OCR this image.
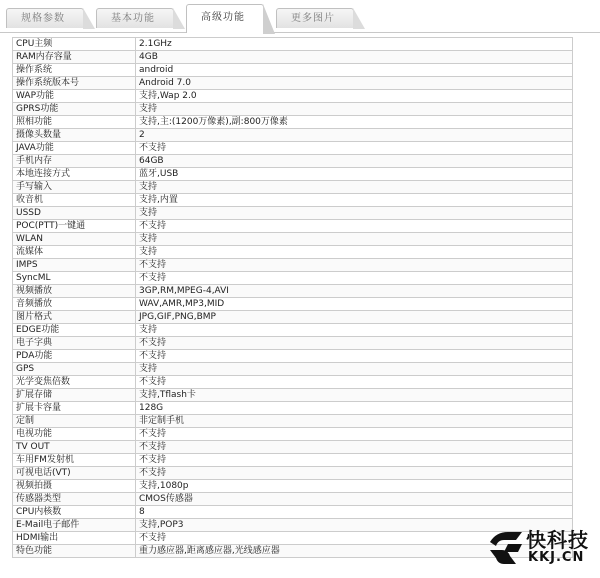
规格参数	基本功能	高级功能	更多图片
CPU主频	2.1GHz
RAM内存容量	4GB
操作系统	android
操作系统版本号	Android 7.0
WAP功能	支持,Wap 2.0
GPRS功能	支持
照相功能	支持,主:(1200万像素),副:800万像素
摄像头数量	2
JAVA功能	不支持
手机内存	64GB
本地连接方式	蓝牙,USB
手写输入	支持
收音机	支持,内置
USSD	支持
POC(PTT)一键通	不支持
WLAN	支持
流媒体	支持
IMPS	不支持
SyncML	不支持
视频播放	3GP,RM,MPEG-4,AVI
音频播放	WAV,AMR,MP3,MID
图片格式	JPG,GIF,PNG,BMP
EDGE功能	支持
电子字典	不支持
PDA功能	不支持
GPS	支持
光学变焦倍数	不支持
扩展存储	支持,Tflash卡
扩展卡容量	128G
定制	非定制手机
电视功能	不支持
TV OUT	不支持
车用FM发射机	不支持
可视电话(VT)	不支持
视频拍摄	支持,1080p
传感器类型	CMOS传感器
CPU内核数	8
E-Mail电子邮件	支持,POP3
HDMI输出	不支持
特色功能	重力感应器,距离感应器,光线感应器	快科技
KKJ.CN
